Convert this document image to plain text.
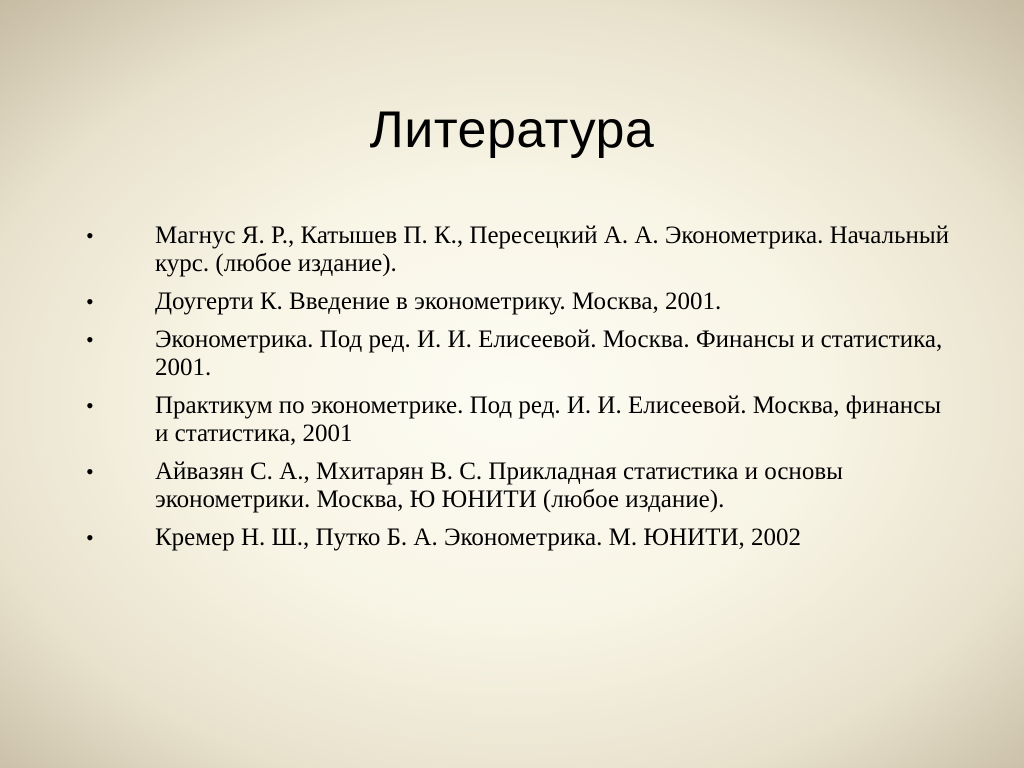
Литература
• Магнус Я. Р., Катышев П. К., Пересецкий А. А. Эконометрика. Начальный курс. (любое издание).
• Доугерти К. Введение в эконометрику. Москва, 2001.
• Эконометрика. Под ред. И. И. Елисеевой. Москва. Финансы и статистика, 2001.
• Практикум по эконометрике. Под ред. И. И. Елисеевой. Москва, финансы и статистика, 2001
• Айвазян С. А., Мхитарян В. С. Прикладная статистика и основы эконометрики. Москва, Ю ЮНИТИ (любое издание).
• Кремер Н. Ш., Путко Б. А. Эконометрика. М. ЮНИТИ, 2002
